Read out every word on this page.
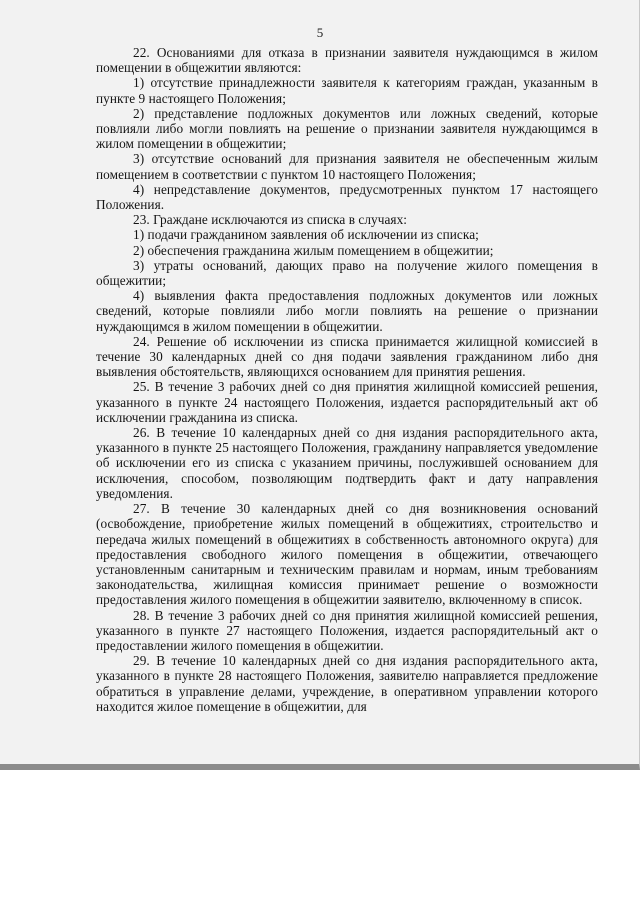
5

22. Основаниями для отказа в признании заявителя нуждающимся в жилом помещении в общежитии являются:

1) отсутствие принадлежности заявителя к категориям граждан, указанным в пункте 9 настоящего Положения;

2) представление подложных документов или ложных сведений, которые повлияли либо могли повлиять на решение о признании заявителя нуждающимся в жилом помещении в общежитии;

3) отсутствие оснований для признания заявителя не обеспеченным жилым помещением в соответствии с пунктом 10 настоящего Положения;

4) непредставление документов, предусмотренных пунктом 17 настоящего Положения.

23. Граждане исключаются из списка в случаях:

1) подачи гражданином заявления об исключении из списка;

2) обеспечения гражданина жилым помещением в общежитии;

3) утраты оснований, дающих право на получение жилого помещения в общежитии;

4) выявления факта предоставления подложных документов или ложных сведений, которые повлияли либо могли повлиять на решение о признании нуждающимся в жилом помещении в общежитии.

24. Решение об исключении из списка принимается жилищной комиссией в течение 30 календарных дней со дня подачи заявления гражданином либо дня выявления обстоятельств, являющихся основанием для принятия решения.

25. В течение 3 рабочих дней со дня принятия жилищной комиссией решения, указанного в пункте 24 настоящего Положения, издается распорядительный акт об исключении гражданина из списка.

26. В течение 10 календарных дней со дня издания распорядительного акта, указанного в пункте 25 настоящего Положения, гражданину направляется уведомление об исключении его из списка с указанием причины, послужившей основанием для исключения, способом, позволяющим подтвердить факт и дату направления уведомления.

27. В течение 30 календарных дней со дня возникновения оснований (освобождение, приобретение жилых помещений в общежитиях, строительство и передача жилых помещений в общежитиях в собственность автономного округа) для предоставления свободного жилого помещения в общежитии, отвечающего установленным санитарным и техническим правилам и нормам, иным требованиям законодательства, жилищная комиссия принимает решение о возможности предоставления жилого помещения в общежитии заявителю, включенному в список.

28. В течение 3 рабочих дней со дня принятия жилищной комиссией решения, указанного в пункте 27 настоящего Положения, издается распорядительный акт о предоставлении жилого помещения в общежитии.

29. В течение 10 календарных дней со дня издания распорядительного акта, указанного в пункте 28 настоящего Положения, заявителю направляется предложение обратиться в управление делами, учреждение, в оперативном управлении которого находится жилое помещение в общежитии, для
